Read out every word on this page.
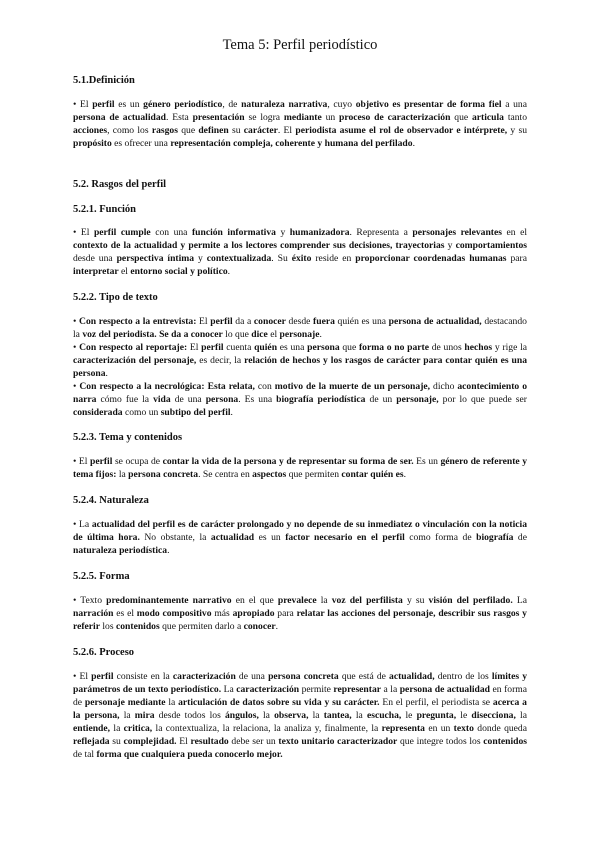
Tema 5: Perfil periodístico
5.1.Definición

• El perfil es un género periodístico, de naturaleza narrativa, cuyo objetivo es presentar de forma fiel a una persona de actualidad. Esta presentación se logra mediante un proceso de caracterización que articula tanto acciones, como los rasgos que definen su carácter. El periodista asume el rol de observador e intérprete, y su propósito es ofrecer una representación compleja, coherente y humana del perfilado.

5.2. Rasgos del perfil
5.2.1. Función

• El perfil cumple con una función informativa y humanizadora. Representa a personajes relevantes en el contexto de la actualidad y permite a los lectores comprender sus decisiones, trayectorias y comportamientos desde una perspectiva íntima y contextualizada. Su éxito reside en proporcionar coordenadas humanas para interpretar el entorno social y político.

5.2.2. Tipo de texto

• Con respecto a la entrevista: El perfil da a conocer desde fuera quién es una persona de actualidad, destacando la voz del periodista. Se da a conocer lo que dice el personaje.

• Con respecto al reportaje: El perfil cuenta quién es una persona que forma o no parte de unos hechos y rige la caracterización del personaje, es decir, la relación de hechos y los rasgos de carácter para contar quién es una persona.

• Con respecto a la necrológica: Esta relata, con motivo de la muerte de un personaje, dicho acontecimiento o narra cómo fue la vida de una persona. Es una biografía periodística de un personaje, por lo que puede ser considerada como un subtipo del perfil.

5.2.3. Tema y contenidos

• El perfil se ocupa de contar la vida de la persona y de representar su forma de ser. Es un género de referente y tema fijos: la persona concreta. Se centra en aspectos que permiten contar quién es.

5.2.4. Naturaleza

• La actualidad del perfil es de carácter prolongado y no depende de su inmediatez o vinculación con la noticia de última hora. No obstante, la actualidad es un factor necesario en el perfil como forma de biografía de naturaleza periodística.

5.2.5. Forma

• Texto predominantemente narrativo en el que prevalece la voz del perfilista y su visión del perfilado. La narración es el modo compositivo más apropiado para relatar las acciones del personaje, describir sus rasgos y referir los contenidos que permiten darlo a conocer.

5.2.6. Proceso

• El perfil consiste en la caracterización de una persona concreta que está de actualidad, dentro de los límites y parámetros de un texto periodístico. La caracterización permite representar a la persona de actualidad en forma de personaje mediante la articulación de datos sobre su vida y su carácter. En el perfil, el periodista se acerca a la persona, la mira desde todos los ángulos, la observa, la tantea, la escucha, le pregunta, le disecciona, la entiende, la critica, la contextualiza, la relaciona, la analiza y, finalmente, la representa en un texto donde queda reflejada su complejidad. El resultado debe ser un texto unitario caracterizador que integre todos los contenidos de tal forma que cualquiera pueda conocerlo mejor.
